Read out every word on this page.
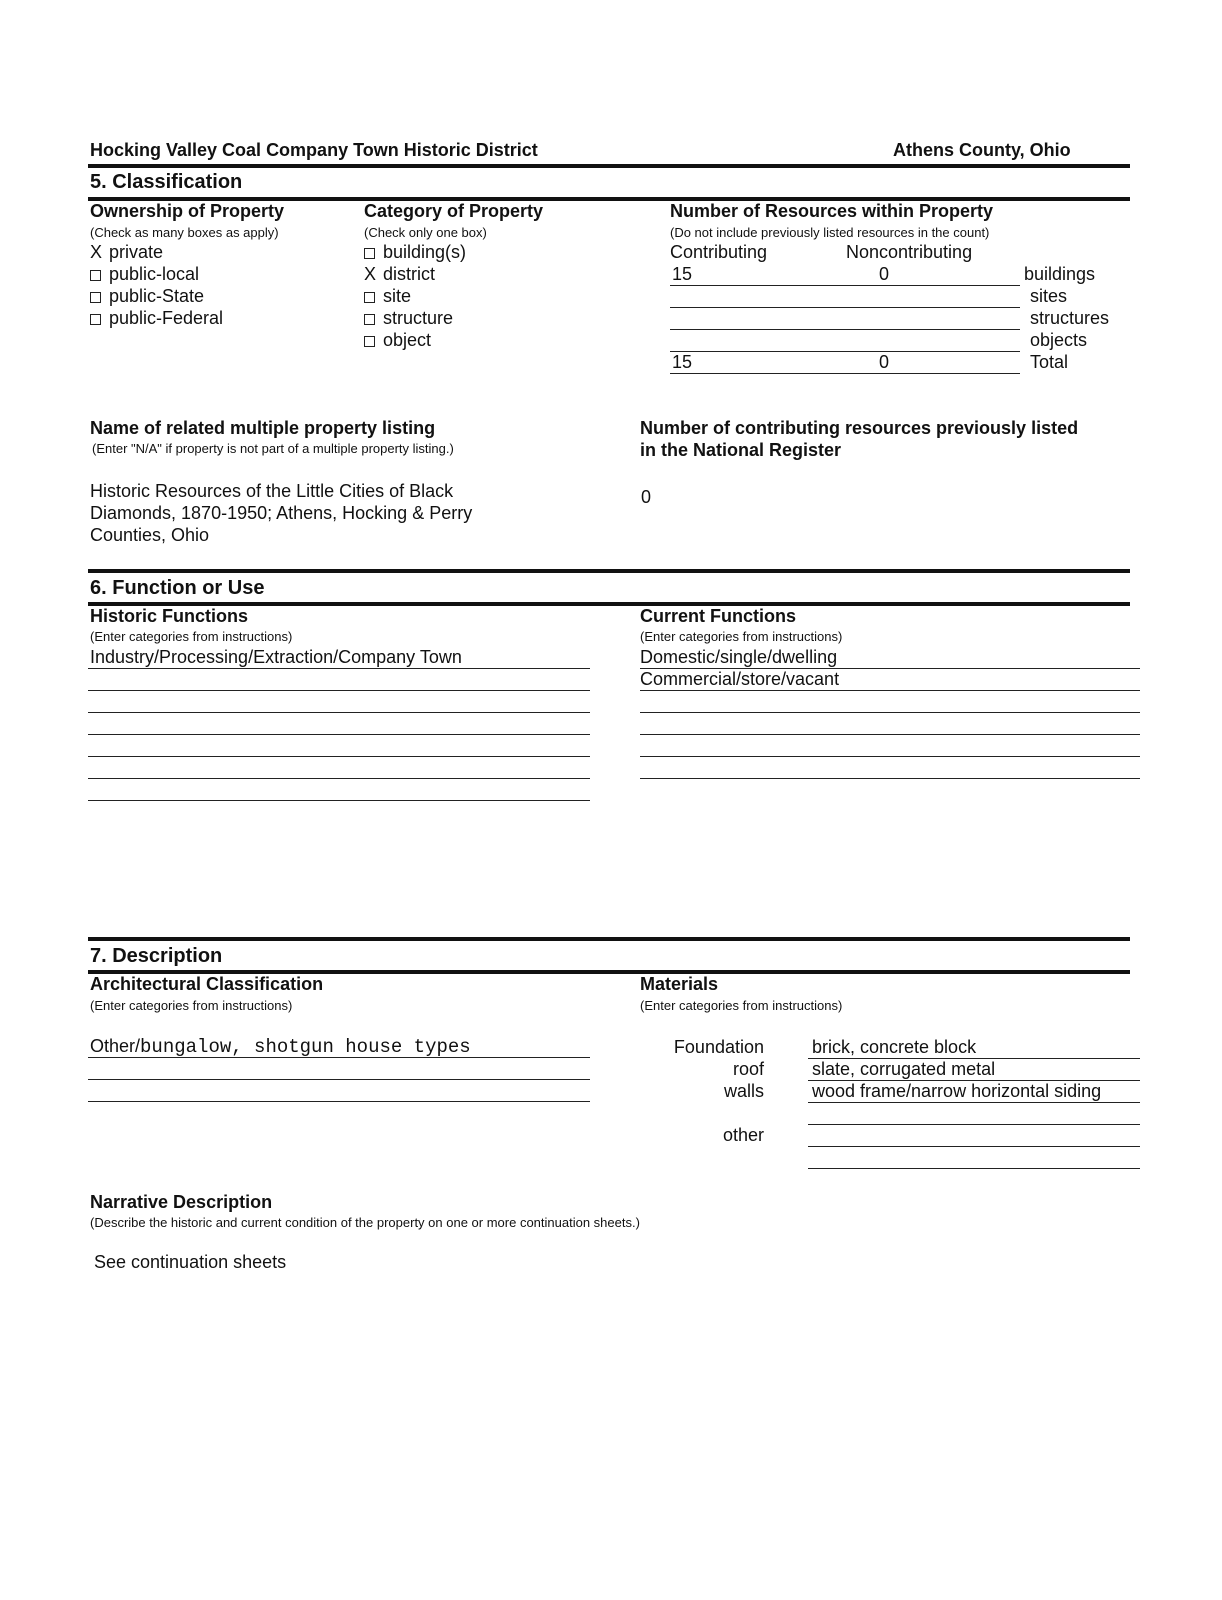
Hocking Valley Coal Company Town Historic District	Athens County, Ohio
5. Classification
Ownership of Property
(Check as many boxes as apply)
X private
public-local
public-State
public-Federal
Category of Property
(Check only one box)
building(s)
X district
site
structure
object
Number of Resources within Property
(Do not include previously listed resources in the count)
Contributing	Noncontributing
15	0	buildings
sites
structures
objects
15	0	Total
Name of related multiple property listing
(Enter "N/A" if property is not part of a multiple property listing.)
Historic Resources of the Little Cities of Black
Diamonds, 1870-1950; Athens, Hocking & Perry
Counties, Ohio
Number of contributing resources previously listed
in the National Register
0
6. Function or Use
Historic Functions
(Enter categories from instructions)
Industry/Processing/Extraction/Company Town
Current Functions
(Enter categories from instructions)
Domestic/single/dwelling
Commercial/store/vacant
7. Description
Architectural Classification
(Enter categories from instructions)
Other/bungalow, shotgun house types
Materials
(Enter categories from instructions)
Foundation	brick, concrete block
roof	slate, corrugated metal
walls	wood frame/narrow horizontal siding
other
Narrative Description
(Describe the historic and current condition of the property on one or more continuation sheets.)
See continuation sheets
